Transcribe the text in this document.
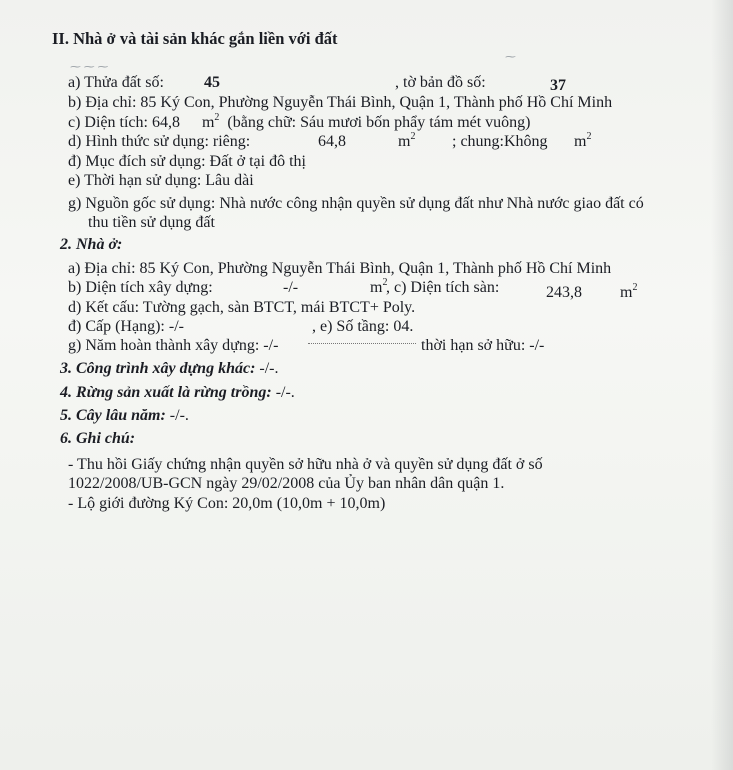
II. Nhà ở và tài sản khác gắn liền với đất
⁓ ⁓ ⁓
⁓
a) Thửa đất số:	45	, tờ bản đồ số:	37
b) Địa chỉ: 85 Ký Con, Phường Nguyễn Thái Bình, Quận 1, Thành phố Hồ Chí Minh
c) Diện tích: 64,8 $m^2$ (bằng chữ: Sáu mươi bốn phẩy tám mét vuông)
d) Hình thức sử dụng: riêng:	64,8	$m^2$ ; chung:Không $m^2$
đ) Mục đích sử dụng: Đất ở tại đô thị
e) Thời hạn sử dụng: Lâu dài
g) Nguồn gốc sử dụng: Nhà nước công nhận quyền sử dụng đất như Nhà nước giao đất có
thu tiền sử dụng đất
2. Nhà ở:
a) Địa chỉ: 85 Ký Con, Phường Nguyễn Thái Bình, Quận 1, Thành phố Hồ Chí Minh
b) Diện tích xây dựng:	-/-	$m^2$
, c) Diện tích sàn:	243,8 $m^2$
d) Kết cấu: Tường gạch, sàn BTCT, mái BTCT+ Poly.
đ) Cấp (Hạng): -/-	, e) Số tầng: 04.
g) Năm hoàn thành xây dựng: -/-	thời hạn sở hữu: -/-
3. Công trình xây dựng khác: -/-.
4. Rừng sản xuất là rừng trồng: -/-.
5. Cây lâu năm: -/-.
6. Ghi chú:
- Thu hồi Giấy chứng nhận quyền sở hữu nhà ở và quyền sử dụng đất ở số
1022/2008/UB-GCN ngày 29/02/2008 của Ủy ban nhân dân quận 1.
- Lộ giới đường Ký Con: 20,0m (10,0m + 10,0m)
